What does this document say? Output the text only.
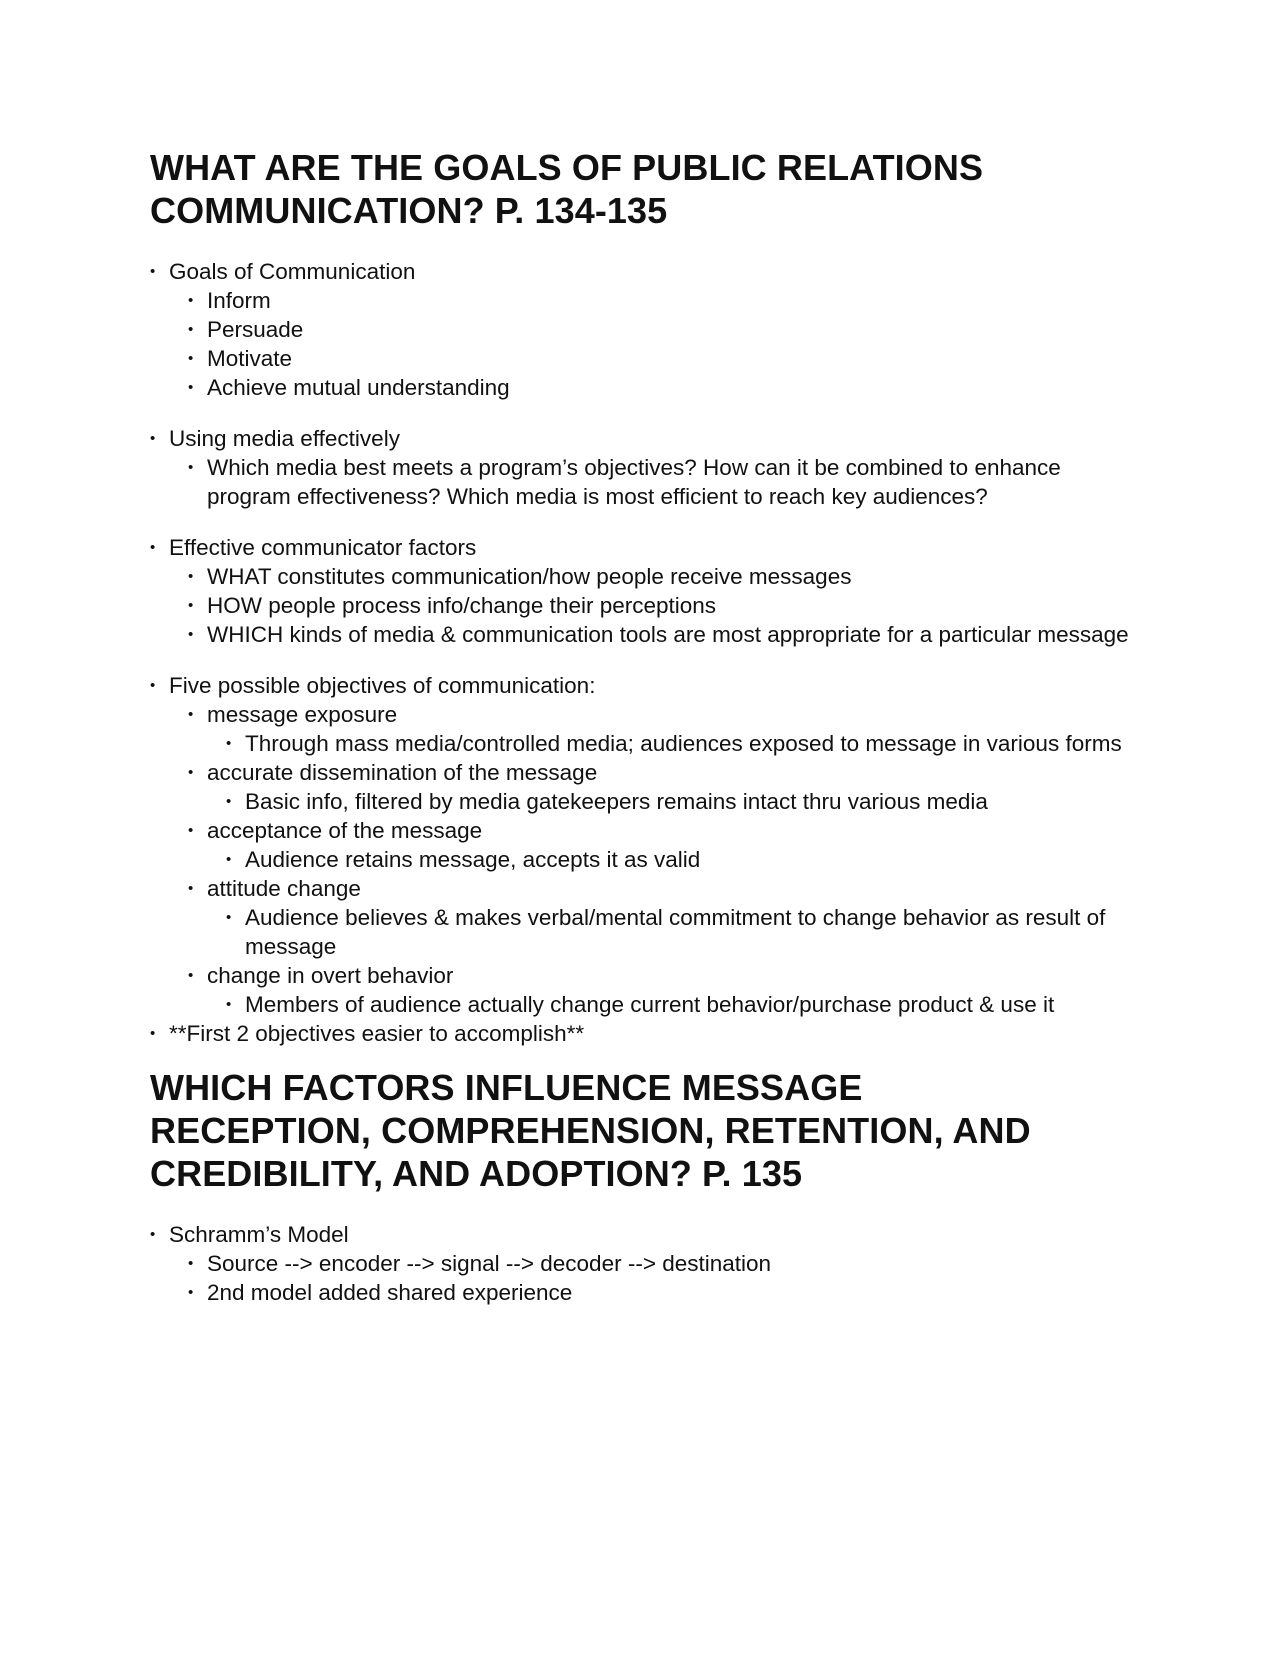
WHAT ARE THE GOALS OF PUBLIC RELATIONS
COMMUNICATION? P. 134-135
• Goals of Communication
• Inform
• Persuade
• Motivate
• Achieve mutual understanding
• Using media effectively
• Which media best meets a program’s objectives? How can it be combined to enhance program effectiveness? Which media is most efficient to reach key audiences?
• Effective communicator factors
• WHAT constitutes communication/how people receive messages
• HOW people process info/change their perceptions
• WHICH kinds of media & communication tools are most appropriate for a particular message
• Five possible objectives of communication:
• message exposure
• Through mass media/controlled media; audiences exposed to message in various forms
• accurate dissemination of the message
• Basic info, filtered by media gatekeepers remains intact thru various media
• acceptance of the message
• Audience retains message, accepts it as valid
• attitude change
• Audience believes & makes verbal/mental commitment to change behavior as result of message
• change in overt behavior
• Members of audience actually change current behavior/purchase product & use it
• **First 2 objectives easier to accomplish**
WHICH FACTORS INFLUENCE MESSAGE
RECEPTION, COMPREHENSION, RETENTION, AND
CREDIBILITY, AND ADOPTION? P. 135
• Schramm’s Model
• Source --> encoder --> signal --> decoder --> destination
• 2nd model added shared experience
